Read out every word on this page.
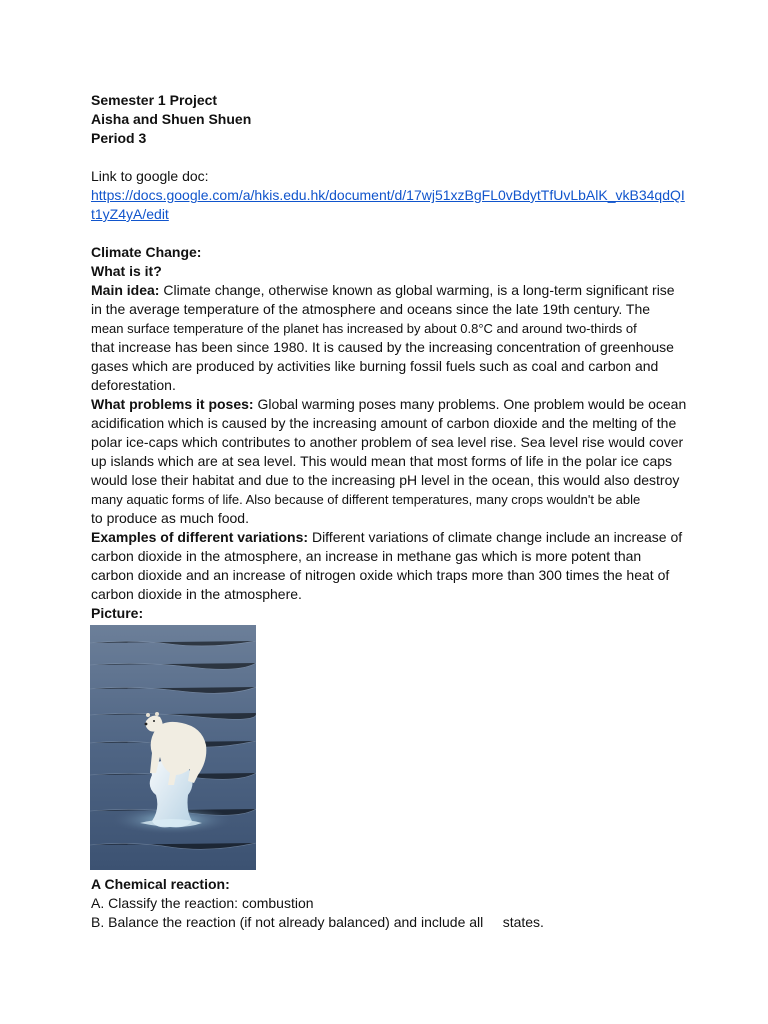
Semester 1 Project

Aisha and Shuen Shuen

Period 3

Link to google doc:

https://docs.google.com/a/hkis.edu.hk/document/d/17wj51xzBgFL0vBdytTfUvLbAlK_vkB34qdQI

t1yZ4yA/edit

Climate Change:

What is it?

Main idea: Climate change, otherwise known as global warming, is a long-term significant rise

in the average temperature of the atmosphere and oceans since the late 19th century. The

mean surface temperature of the planet has increased by about 0.8°C and around two-thirds of

that increase has been since 1980. It is caused by the increasing concentration of greenhouse

gases which are produced by activities like burning fossil fuels such as coal and carbon and

deforestation.

What problems it poses: Global warming poses many problems. One problem would be ocean

acidification which is caused by the increasing amount of carbon dioxide and the melting of the

polar ice-caps which contributes to another problem of sea level rise. Sea level rise would cover

up islands which are at sea level. This would mean that most forms of life in the polar ice caps

would lose their habitat and due to the increasing pH level in the ocean, this would also destroy

many aquatic forms of life. Also because of different temperatures, many crops wouldn't be able

to produce as much food.

Examples of different variations: Different variations of climate change include an increase of

carbon dioxide in the atmosphere, an increase in methane gas which is more potent than

carbon dioxide and an increase of nitrogen oxide which traps more than 300 times the heat of

carbon dioxide in the atmosphere.

Picture:

A Chemical reaction:

A. Classify the reaction: combustion

B. Balance the reaction (if not already balanced) and include all     states.
